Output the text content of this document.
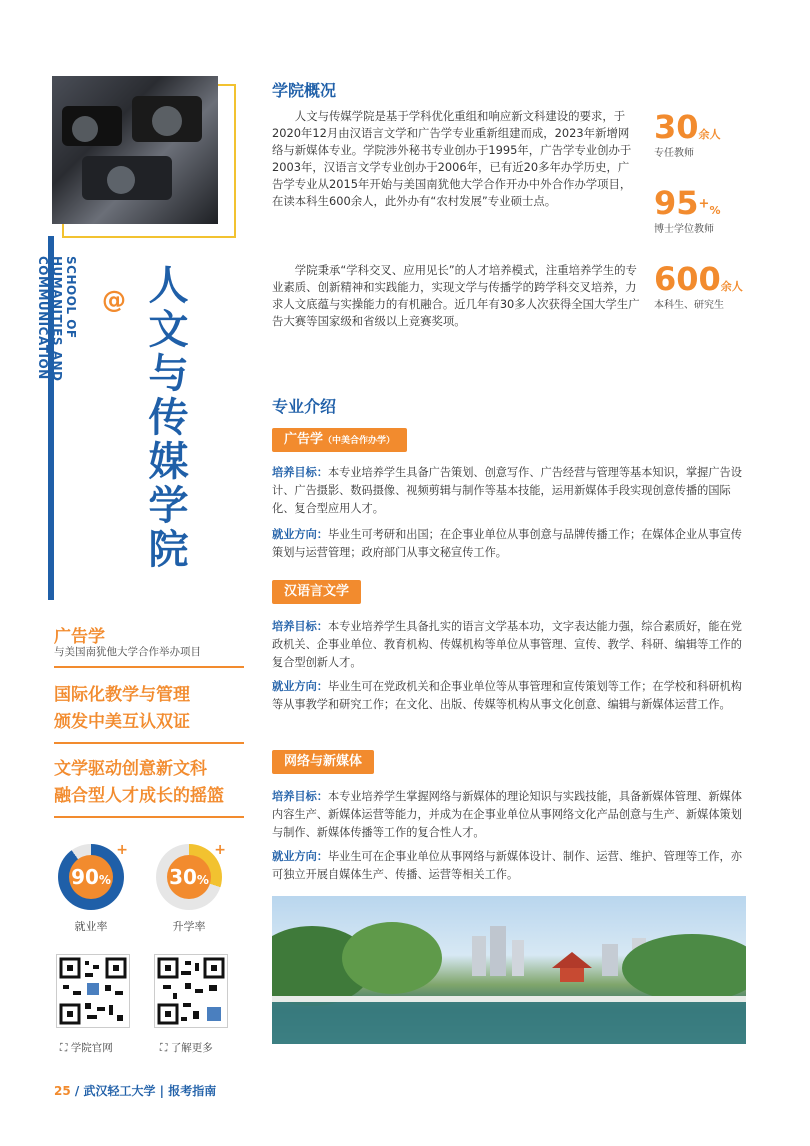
SCHOOL OF HUMANITIES AND COMMUNICATION	@ 人文与传媒学院
广告学
与美国南犹他大学合作举办项目
国际化教学与管理
颁发中美互认双证
文学驱动创意新文科
融合型人才成长的摇篮
90%
+
就业率
30%
+
升学率
⛶ 学院官网	⛶ 了解更多
25 / 武汉轻工大学 | 报考指南
学院概况
人文与传媒学院是基于学科优化重组和响应新文科建设的要求，于2020年12月由汉语言文学和广告学专业重新组建而成，2023年新增网络与新媒体专业。学院涉外秘书专业创办于1995年，广告学专业创办于2003年，汉语言文学专业创办于2006年，已有近20多年办学历史，广告学专业从2015年开始与美国南犹他大学合作开办中外合作办学项目，在读本科生600余人，此外办有“农村发展”专业硕士点。
学院秉承“学科交叉、应用见长”的人才培养模式，注重培养学生的专业素质、创新精神和实践能力，实现文学与传播学的跨学科交叉培养，力求人文底蕴与实操能力的有机融合。近几年有30多人次获得全国大学生广告大赛等国家级和省级以上竞赛奖项。
30余人
专任教师
95+%
博士学位教师
600余人
本科生、研究生
专业介绍
广告学（中美合作办学）
培养目标：本专业培养学生具备广告策划、创意写作、广告经营与管理等基本知识，掌握广告设计、广告摄影、数码摄像、视频剪辑与制作等基本技能，运用新媒体手段实现创意传播的国际化、复合型应用人才。
就业方向：毕业生可考研和出国；在企事业单位从事创意与品牌传播工作；在媒体企业从事宣传策划与运营管理；政府部门从事文秘宣传工作。
汉语言文学
培养目标：本专业培养学生具备扎实的语言文学基本功，文字表达能力强，综合素质好，能在党政机关、企事业单位、教育机构、传媒机构等单位从事管理、宣传、教学、科研、编辑等工作的复合型创新人才。
就业方向：毕业生可在党政机关和企事业单位等从事管理和宣传策划等工作；在学校和科研机构等从事教学和研究工作；在文化、出版、传媒等机构从事文化创意、编辑与新媒体运营工作。
网络与新媒体
培养目标：本专业培养学生掌握网络与新媒体的理论知识与实践技能，具备新媒体管理、新媒体内容生产、新媒体运营等能力，并成为在企事业单位从事网络文化产品创意与生产、新媒体策划与制作、新媒体传播等工作的复合性人才。
就业方向：毕业生可在企事业单位从事网络与新媒体设计、制作、运营、维护、管理等工作，亦可独立开展自媒体生产、传播、运营等相关工作。
